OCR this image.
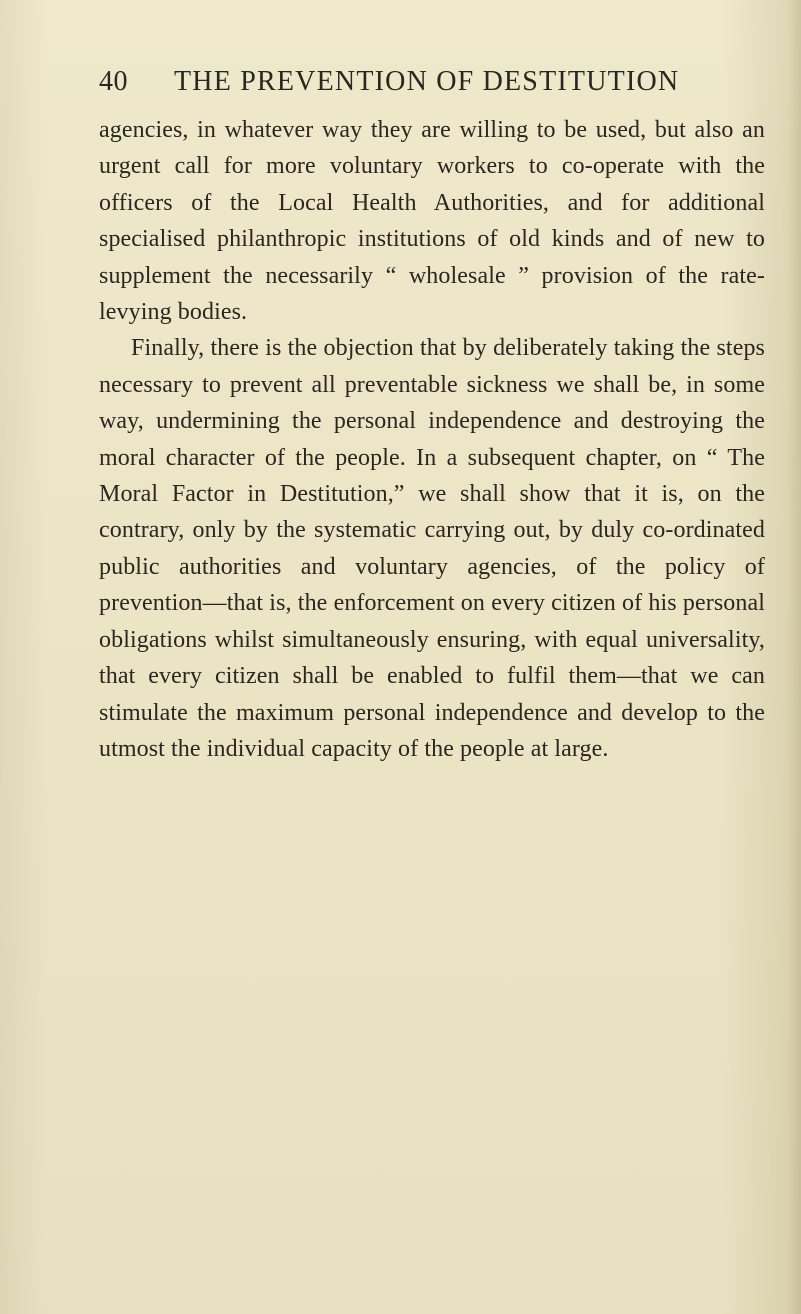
40 THE PREVENTION OF DESTITUTION

agencies, in whatever way they are willing to be used, but also an urgent call for more voluntary workers to co-operate with the officers of the Local Health Authorities, and for additional specialised philanthropic institutions of old kinds and of new to supplement the necessarily “ wholesale ” provision of the rate-levying bodies.

Finally, there is the objection that by deliberately taking the steps necessary to prevent all preventable sickness we shall be, in some way, undermining the personal independence and destroying the moral character of the people. In a subsequent chapter, on “ The Moral Factor in Destitution,” we shall show that it is, on the contrary, only by the systematic carrying out, by duly co-ordinated public authorities and voluntary agencies, of the policy of prevention—that is, the enforcement on every citizen of his personal obligations whilst simultaneously ensuring, with equal universality, that every citizen shall be enabled to fulfil them—that we can stimulate the maximum personal independence and develop to the utmost the individual capacity of the people at large.
